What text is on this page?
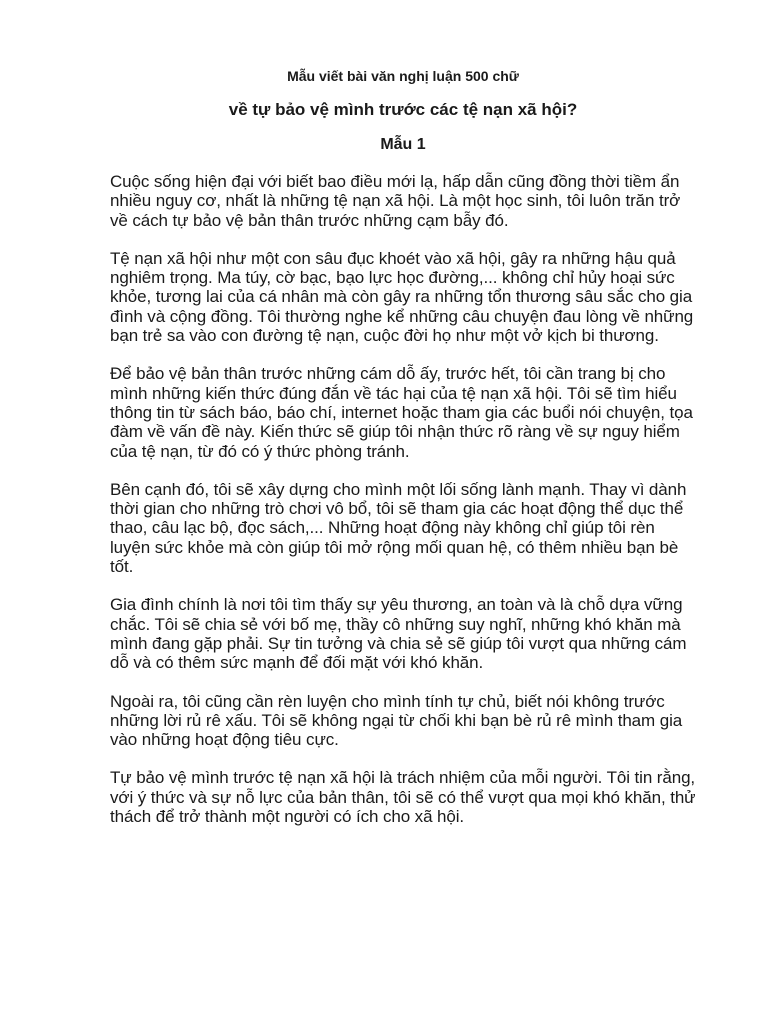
Mẫu viết bài văn nghị luận 500 chữ
về tự bảo vệ mình trước các tệ nạn xã hội?
Mẫu 1

Cuộc sống hiện đại với biết bao điều mới lạ, hấp dẫn cũng đồng thời tiềm ẩn nhiều nguy cơ, nhất là những tệ nạn xã hội. Là một học sinh, tôi luôn trăn trở về cách tự bảo vệ bản thân trước những cạm bẫy đó.

Tệ nạn xã hội như một con sâu đục khoét vào xã hội, gây ra những hậu quả nghiêm trọng. Ma túy, cờ bạc, bạo lực học đường,... không chỉ hủy hoại sức khỏe, tương lai của cá nhân mà còn gây ra những tổn thương sâu sắc cho gia đình và cộng đồng. Tôi thường nghe kể những câu chuyện đau lòng về những bạn trẻ sa vào con đường tệ nạn, cuộc đời họ như một vở kịch bi thương.

Để bảo vệ bản thân trước những cám dỗ ấy, trước hết, tôi cần trang bị cho mình những kiến thức đúng đắn về tác hại của tệ nạn xã hội. Tôi sẽ tìm hiểu thông tin từ sách báo, báo chí, internet hoặc tham gia các buổi nói chuyện, tọa đàm về vấn đề này. Kiến thức sẽ giúp tôi nhận thức rõ ràng về sự nguy hiểm của tệ nạn, từ đó có ý thức phòng tránh.

Bên cạnh đó, tôi sẽ xây dựng cho mình một lối sống lành mạnh. Thay vì dành thời gian cho những trò chơi vô bổ, tôi sẽ tham gia các hoạt động thể dục thể thao, câu lạc bộ, đọc sách,... Những hoạt động này không chỉ giúp tôi rèn luyện sức khỏe mà còn giúp tôi mở rộng mối quan hệ, có thêm nhiều bạn bè tốt.

Gia đình chính là nơi tôi tìm thấy sự yêu thương, an toàn và là chỗ dựa vững chắc. Tôi sẽ chia sẻ với bố mẹ, thầy cô những suy nghĩ, những khó khăn mà mình đang gặp phải. Sự tin tưởng và chia sẻ sẽ giúp tôi vượt qua những cám dỗ và có thêm sức mạnh để đối mặt với khó khăn.

Ngoài ra, tôi cũng cần rèn luyện cho mình tính tự chủ, biết nói không trước những lời rủ rê xấu. Tôi sẽ không ngại từ chối khi bạn bè rủ rê mình tham gia vào những hoạt động tiêu cực.

Tự bảo vệ mình trước tệ nạn xã hội là trách nhiệm của mỗi người. Tôi tin rằng, với ý thức và sự nỗ lực của bản thân, tôi sẽ có thể vượt qua mọi khó khăn, thử thách để trở thành một người có ích cho xã hội.
